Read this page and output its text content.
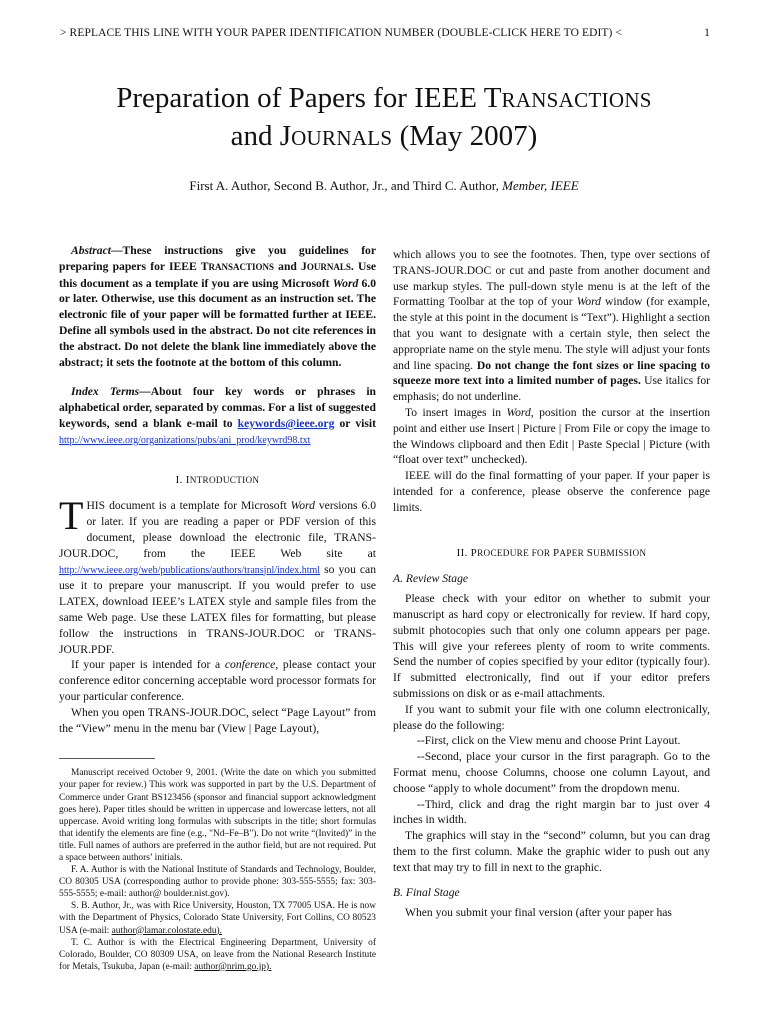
> REPLACE THIS LINE WITH YOUR PAPER IDENTIFICATION NUMBER (DOUBLE-CLICK HERE TO EDIT) <	1
Preparation of Papers for IEEE TRANSACTIONS
and JOURNALS (May 2007)
First A. Author, Second B. Author, Jr., and Third C. Author, Member, IEEE

Abstract—These instructions give you guidelines for preparing papers for IEEE TRANSACTIONS and JOURNALS. Use this document as a template if you are using Microsoft Word 6.0 or later. Otherwise, use this document as an instruction set. The electronic file of your paper will be formatted further at IEEE. Define all symbols used in the abstract. Do not cite references in the abstract. Do not delete the blank line immediately above the abstract; it sets the footnote at the bottom of this column.

Index Terms—About four key words or phrases in alphabetical order, separated by commas. For a list of suggested keywords, send a blank e-mail to keywords@ieee.org or visit http://www.ieee.org/organizations/pubs/ani_prod/keywrd98.txt

I. INTRODUCTION

THIS document is a template for Microsoft Word versions 6.0 or later. If you are reading a paper or PDF version of this document, please download the electronic file, TRANS-JOUR.DOC, from the IEEE Web site at http://www.ieee.org/web/publications/authors/transjnl/index.html so you can use it to prepare your manuscript. If you would prefer to use LATEX, download IEEE’s LATEX style and sample files from the same Web page. Use these LATEX files for formatting, but please follow the instructions in TRANS-JOUR.DOC or TRANS-JOUR.PDF.

If your paper is intended for a conference, please contact your conference editor concerning acceptable word processor formats for your particular conference.

When you open TRANS-JOUR.DOC, select “Page Layout” from the “View” menu in the menu bar (View | Page Layout),

Manuscript received October 9, 2001. (Write the date on which you submitted your paper for review.) This work was supported in part by the U.S. Department of Commerce under Grant BS123456 (sponsor and financial support acknowledgment goes here). Paper titles should be written in uppercase and lowercase letters, not all uppercase. Avoid writing long formulas with subscripts in the title; short formulas that identify the elements are fine (e.g., "Nd–Fe–B"). Do not write “(Invited)” in the title. Full names of authors are preferred in the author field, but are not required. Put a space between authors’ initials.

F. A. Author is with the National Institute of Standards and Technology, Boulder, CO 80305 USA (corresponding author to provide phone: 303-555-5555; fax: 303-555-5555; e-mail: author@ boulder.nist.gov).

S. B. Author, Jr., was with Rice University, Houston, TX 77005 USA. He is now with the Department of Physics, Colorado State University, Fort Collins, CO 80523 USA (e-mail: author@lamar.colostate.edu).

T. C. Author is with the Electrical Engineering Department, University of Colorado, Boulder, CO 80309 USA, on leave from the National Research Institute for Metals, Tsukuba, Japan (e-mail: author@nrim.go.jp).

which allows you to see the footnotes. Then, type over sections of TRANS-JOUR.DOC or cut and paste from another document and use markup styles. The pull-down style menu is at the left of the Formatting Toolbar at the top of your Word window (for example, the style at this point in the document is “Text”). Highlight a section that you want to designate with a certain style, then select the appropriate name on the style menu. The style will adjust your fonts and line spacing. Do not change the font sizes or line spacing to squeeze more text into a limited number of pages. Use italics for emphasis; do not underline.

To insert images in Word, position the cursor at the insertion point and either use Insert | Picture | From File or copy the image to the Windows clipboard and then Edit | Paste Special | Picture (with “float over text” unchecked).

IEEE will do the final formatting of your paper. If your paper is intended for a conference, please observe the conference page limits.

II. PROCEDURE FOR PAPER SUBMISSION
A. Review Stage

Please check with your editor on whether to submit your manuscript as hard copy or electronically for review. If hard copy, submit photocopies such that only one column appears per page. This will give your referees plenty of room to write comments. Send the number of copies specified by your editor (typically four). If submitted electronically, find out if your editor prefers submissions on disk or as e-mail attachments.

If you want to submit your file with one column electronically, please do the following:

--First, click on the View menu and choose Print Layout.

--Second, place your cursor in the first paragraph. Go to the Format menu, choose Columns, choose one column Layout, and choose “apply to whole document” from the dropdown menu.

--Third, click and drag the right margin bar to just over 4 inches in width.

The graphics will stay in the “second” column, but you can drag them to the first column. Make the graphic wider to push out any text that may try to fill in next to the graphic.

B. Final Stage

When you submit your final version (after your paper has
